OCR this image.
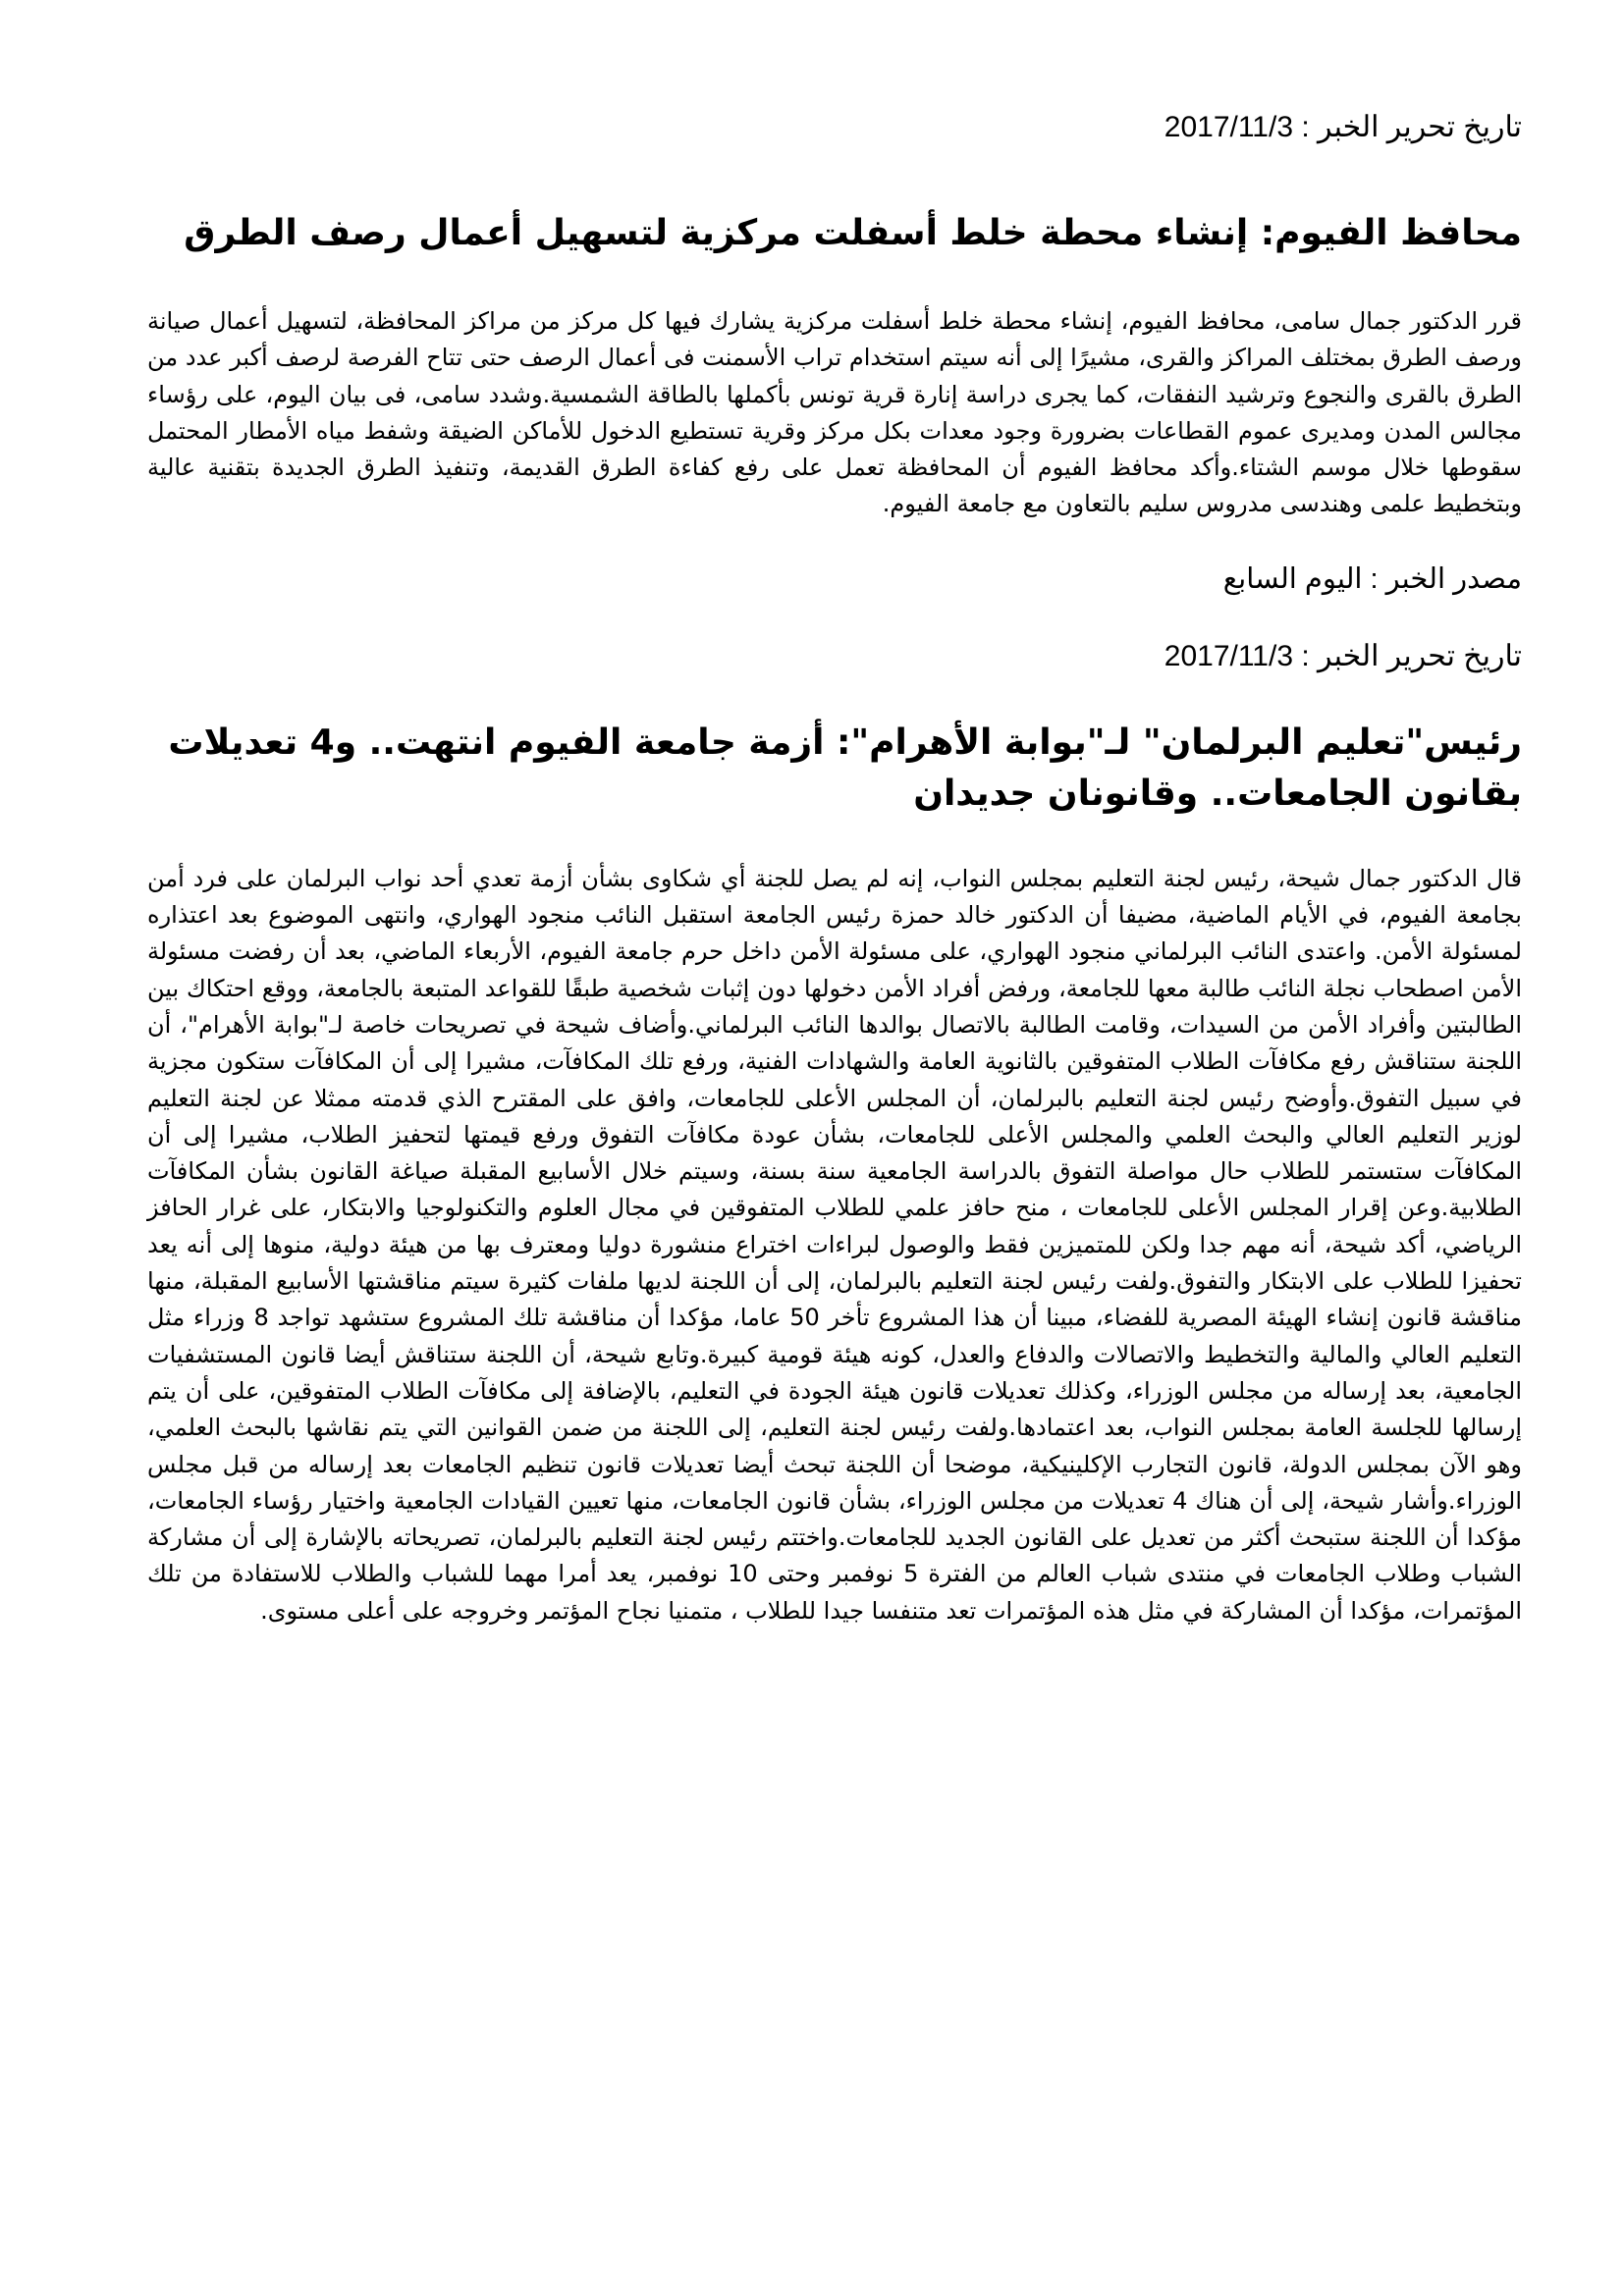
تاريخ تحرير الخبر : 2017/11/3

محافظ الفيوم: إنشاء محطة خلط أسفلت مركزية لتسهيل أعمال رصف الطرق

قرر الدكتور جمال سامى، محافظ الفيوم، إنشاء محطة خلط أسفلت مركزية يشارك فيها كل مركز من مراكز المحافظة، لتسهيل أعمال صيانة ورصف الطرق بمختلف المراكز والقرى، مشيرًا إلى أنه سيتم استخدام تراب الأسمنت فى أعمال الرصف حتى تتاح الفرصة لرصف أكبر عدد من الطرق بالقرى والنجوع وترشيد النفقات، كما يجرى دراسة إنارة قرية تونس بأكملها بالطاقة الشمسية.وشدد سامى، فى بيان اليوم، على رؤساء مجالس المدن ومديرى عموم القطاعات بضرورة وجود معدات بكل مركز وقرية تستطيع الدخول للأماكن الضيقة وشفط مياه الأمطار المحتمل سقوطها خلال موسم الشتاء.وأكد محافظ الفيوم أن المحافظة تعمل على رفع كفاءة الطرق القديمة، وتنفيذ الطرق الجديدة بتقنية عالية وبتخطيط علمى وهندسى مدروس سليم بالتعاون مع جامعة الفيوم.

مصدر الخبر : اليوم السابع

تاريخ تحرير الخبر : 2017/11/3

رئيس"تعليم البرلمان" لـ"بوابة الأهرام": أزمة جامعة الفيوم انتهت.. و4 تعديلات بقانون الجامعات.. وقانونان جديدان

قال الدكتور جمال شيحة، رئيس لجنة التعليم بمجلس النواب، إنه لم يصل للجنة أي شكاوى بشأن أزمة تعدي أحد نواب البرلمان على فرد أمن بجامعة الفيوم، في الأيام الماضية، مضيفا أن الدكتور خالد حمزة رئيس الجامعة استقبل النائب منجود الهواري، وانتهى الموضوع بعد اعتذاره لمسئولة الأمن. واعتدى النائب البرلماني منجود الهواري، على مسئولة الأمن داخل حرم جامعة الفيوم، الأربعاء الماضي، بعد أن رفضت مسئولة الأمن اصطحاب نجلة النائب طالبة معها للجامعة، ورفض أفراد الأمن دخولها دون إثبات شخصية طبقًا للقواعد المتبعة بالجامعة، ووقع احتكاك بين الطالبتين وأفراد الأمن من السيدات، وقامت الطالبة بالاتصال بوالدها النائب البرلماني.وأضاف شيحة في تصريحات خاصة لـ"بوابة الأهرام"، أن اللجنة ستناقش رفع مكافآت الطلاب المتفوقين بالثانوية العامة والشهادات الفنية، ورفع تلك المكافآت، مشيرا إلى أن المكافآت ستكون مجزية في سبيل التفوق.وأوضح رئيس لجنة التعليم بالبرلمان، أن المجلس الأعلى للجامعات، وافق على المقترح الذي قدمته ممثلا عن لجنة التعليم لوزير التعليم العالي والبحث العلمي والمجلس الأعلى للجامعات، بشأن عودة مكافآت التفوق ورفع قيمتها لتحفيز الطلاب، مشيرا إلى أن المكافآت ستستمر للطلاب حال مواصلة التفوق بالدراسة الجامعية سنة بسنة، وسيتم خلال الأسابيع المقبلة صياغة القانون بشأن المكافآت الطلابية.وعن إقرار المجلس الأعلى للجامعات ، منح حافز علمي للطلاب المتفوقين في مجال العلوم والتكنولوجيا والابتكار، على غرار الحافز الرياضي، أكد شيحة، أنه مهم جدا ولكن للمتميزين فقط والوصول لبراءات اختراع منشورة دوليا ومعترف بها من هيئة دولية، منوها إلى أنه يعد تحفيزا للطلاب على الابتكار والتفوق.ولفت رئيس لجنة التعليم بالبرلمان، إلى أن اللجنة لديها ملفات كثيرة سيتم مناقشتها الأسابيع المقبلة، منها مناقشة قانون إنشاء الهيئة المصرية للفضاء، مبينا أن هذا المشروع تأخر 50 عاما، مؤكدا أن مناقشة تلك المشروع ستشهد تواجد 8 وزراء مثل التعليم العالي والمالية والتخطيط والاتصالات والدفاع والعدل، كونه هيئة قومية كبيرة.وتابع شيحة، أن اللجنة ستناقش أيضا قانون المستشفيات الجامعية، بعد إرساله من مجلس الوزراء، وكذلك تعديلات قانون هيئة الجودة في التعليم، بالإضافة إلى مكافآت الطلاب المتفوقين، على أن يتم إرسالها للجلسة العامة بمجلس النواب، بعد اعتمادها.ولفت رئيس لجنة التعليم، إلى اللجنة من ضمن القوانين التي يتم نقاشها بالبحث العلمي، وهو الآن بمجلس الدولة، قانون التجارب الإكلينيكية، موضحا أن اللجنة تبحث أيضا تعديلات قانون تنظيم الجامعات بعد إرساله من قبل مجلس الوزراء.وأشار شيحة، إلى أن هناك 4 تعديلات من مجلس الوزراء، بشأن قانون الجامعات، منها تعيين القيادات الجامعية واختيار رؤساء الجامعات، مؤكدا أن اللجنة ستبحث أكثر من تعديل على القانون الجديد للجامعات.واختتم رئيس لجنة التعليم بالبرلمان، تصريحاته بالإشارة إلى أن مشاركة الشباب وطلاب الجامعات في منتدى شباب العالم من الفترة 5 نوفمبر وحتى 10 نوفمبر، يعد أمرا مهما للشباب والطلاب للاستفادة من تلك المؤتمرات، مؤكدا أن المشاركة في مثل هذه المؤتمرات تعد متنفسا جيدا للطلاب ، متمنيا نجاح المؤتمر وخروجه على أعلى مستوى.
